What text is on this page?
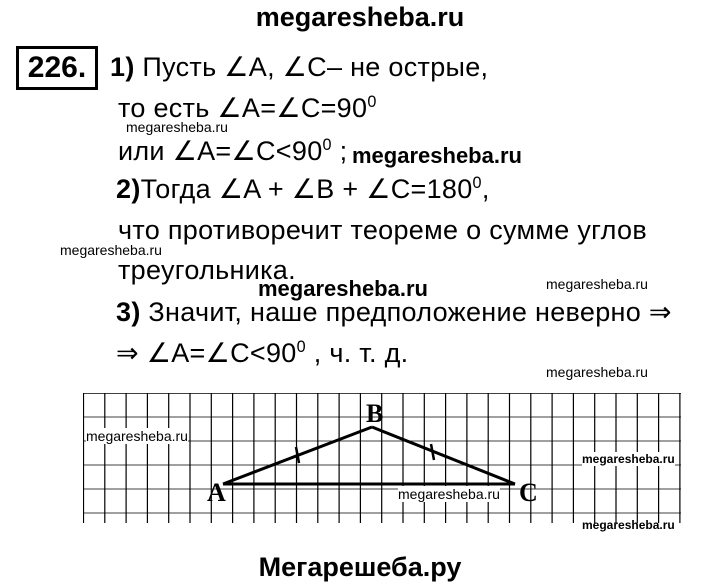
megaresheba.ru
226. 1) Пусть ∠A, ∠C– не острые,
то есть $\angle A=\angle C=90^0$
megaresheba.ru
или $\angle A=\angle C<90^0$ ; megaresheba.ru
2)Тогда ∠A + ∠B + $\angle C=180^0$,
что противоречит теореме о сумме углов
megaresheba.ru
треугольника.
megaresheba.ru	megaresheba.ru
3) Значит, наше предположение неверно ⇒
⇒ $\angle A=\angle C<90^0$ , ч. т. д.
megaresheba.ru
A
B
C
megaresheba.ru
megaresheba.ru
megaresheba.ru
megaresheba.ru
Мегарешеба.ру
